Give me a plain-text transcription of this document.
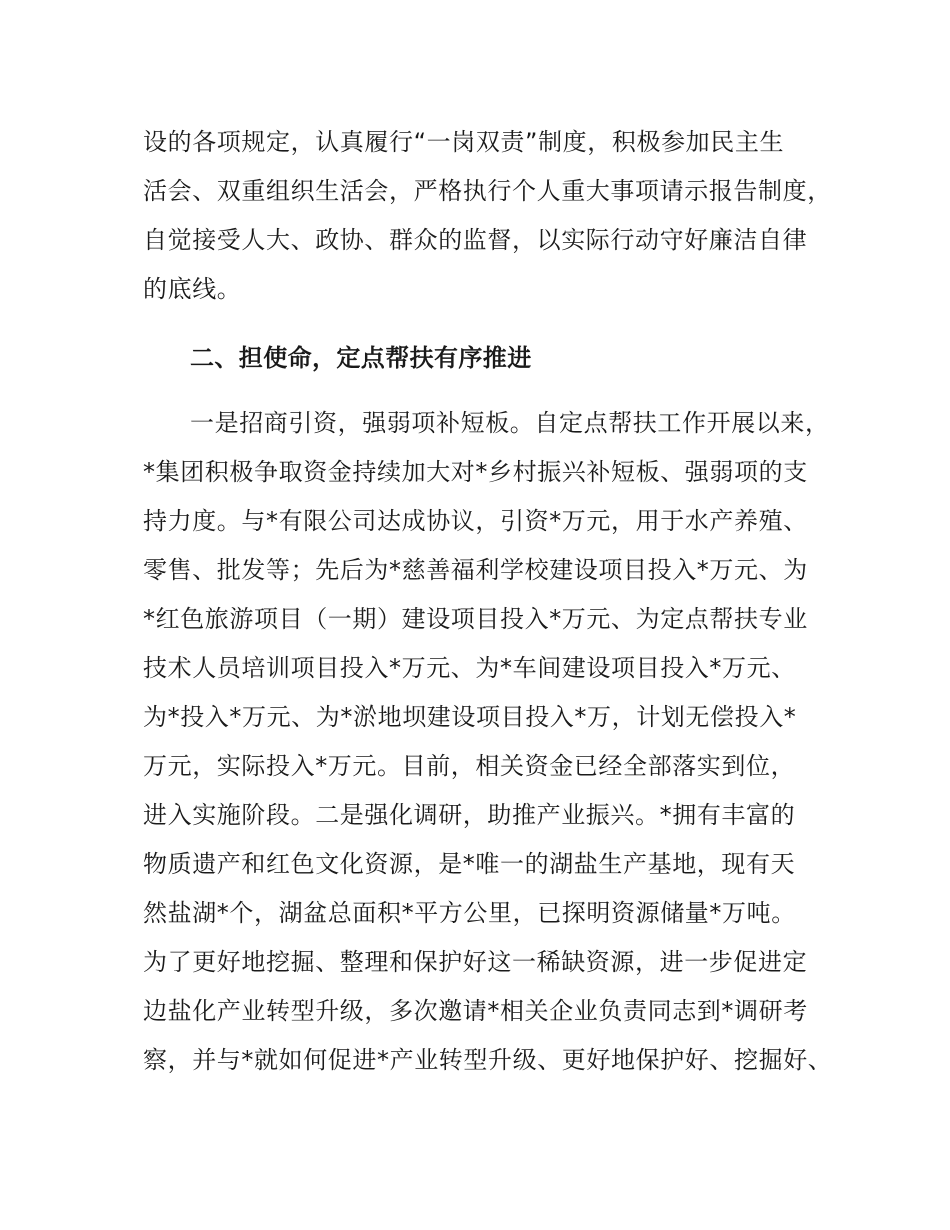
设的各项规定，认真履行“一岗双责”制度，积极参加民主生
活会、双重组织生活会，严格执行个人重大事项请示报告制度，
自觉接受人大、政协、群众的监督，以实际行动守好廉洁自律
的底线。
二、担使命，定点帮扶有序推进
一是招商引资，强弱项补短板。自定点帮扶工作开展以来，
*集团积极争取资金持续加大对*乡村振兴补短板、强弱项的支
持力度。与*有限公司达成协议，引资*万元，用于水产养殖、
零售、批发等；先后为*慈善福利学校建设项目投入*万元、为
*红色旅游项目（一期）建设项目投入*万元、为定点帮扶专业
技术人员培训项目投入*万元、为*车间建设项目投入*万元、
为*投入*万元、为*淤地坝建设项目投入*万，计划无偿投入*
万元，实际投入*万元。目前，相关资金已经全部落实到位，
进入实施阶段。二是强化调研，助推产业振兴。*拥有丰富的
物质遗产和红色文化资源，是*唯一的湖盐生产基地，现有天
然盐湖*个，湖盆总面积*平方公里，已探明资源储量*万吨。
为了更好地挖掘、整理和保护好这一稀缺资源，进一步促进定
边盐化产业转型升级，多次邀请*相关企业负责同志到*调研考
察，并与*就如何促进*产业转型升级、更好地保护好、挖掘好、
